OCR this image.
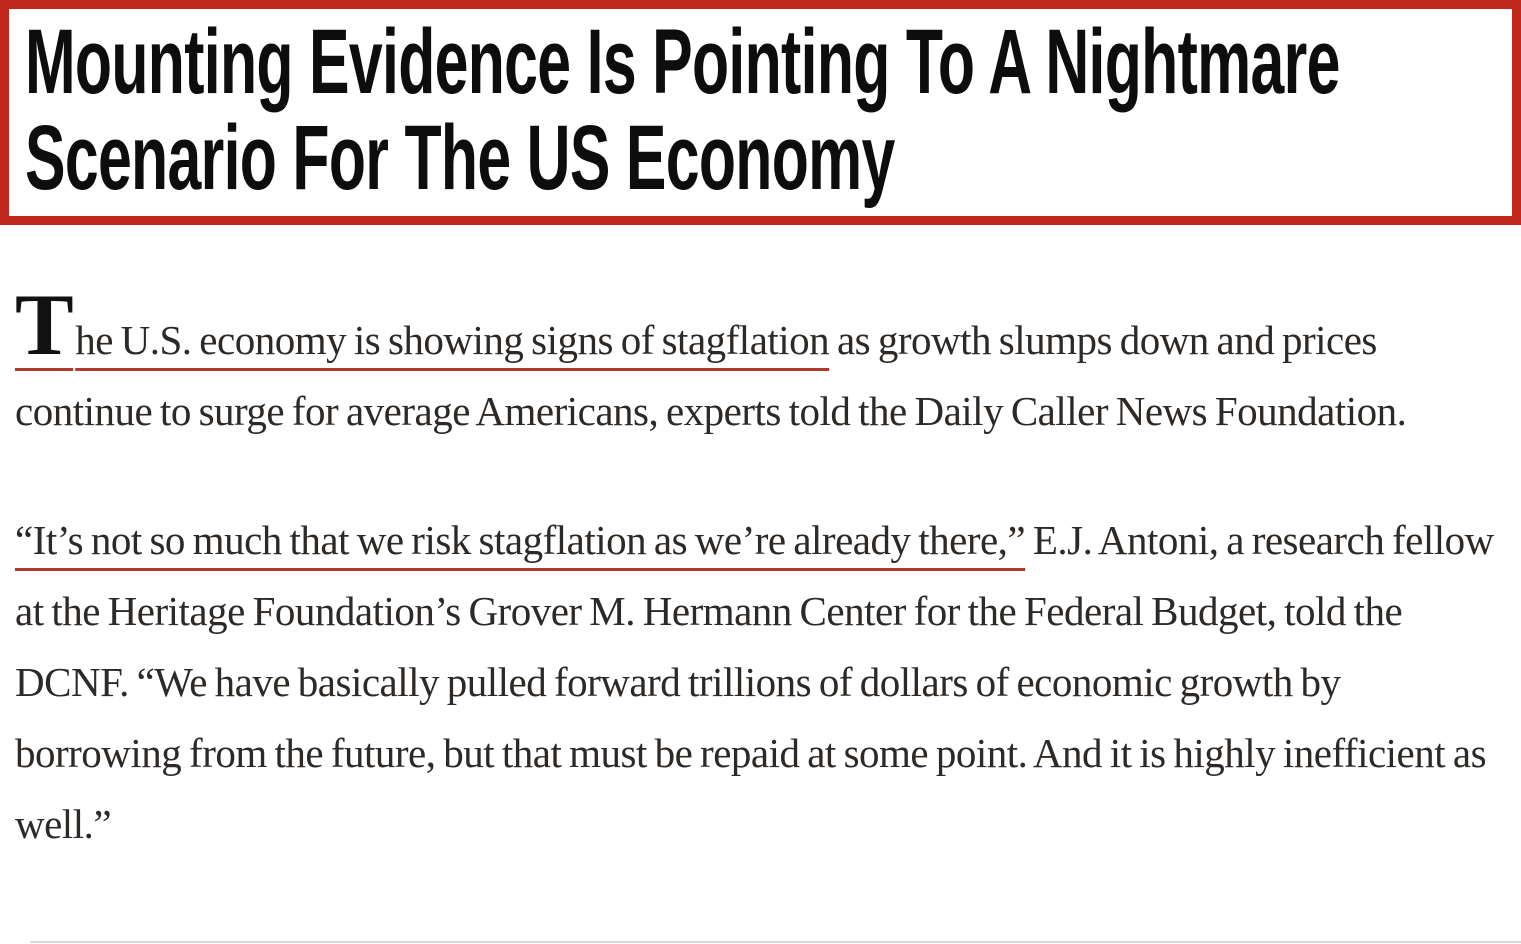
Mounting Evidence Is Pointing To A Nightmare
Scenario For The US Economy

The U.S. economy is showing signs of stagflation as growth slumps down and prices continue to surge for average Americans, experts told the Daily Caller News Foundation.

“It’s not so much that we risk stagflation as we’re already there,” E.J. Antoni, a research fellow at the Heritage Foundation’s Grover M. Hermann Center for the Federal Budget, told the DCNF. “We have basically pulled forward trillions of dollars of economic growth by borrowing from the future, but that must be repaid at some point. And it is highly inefficient as well.”
